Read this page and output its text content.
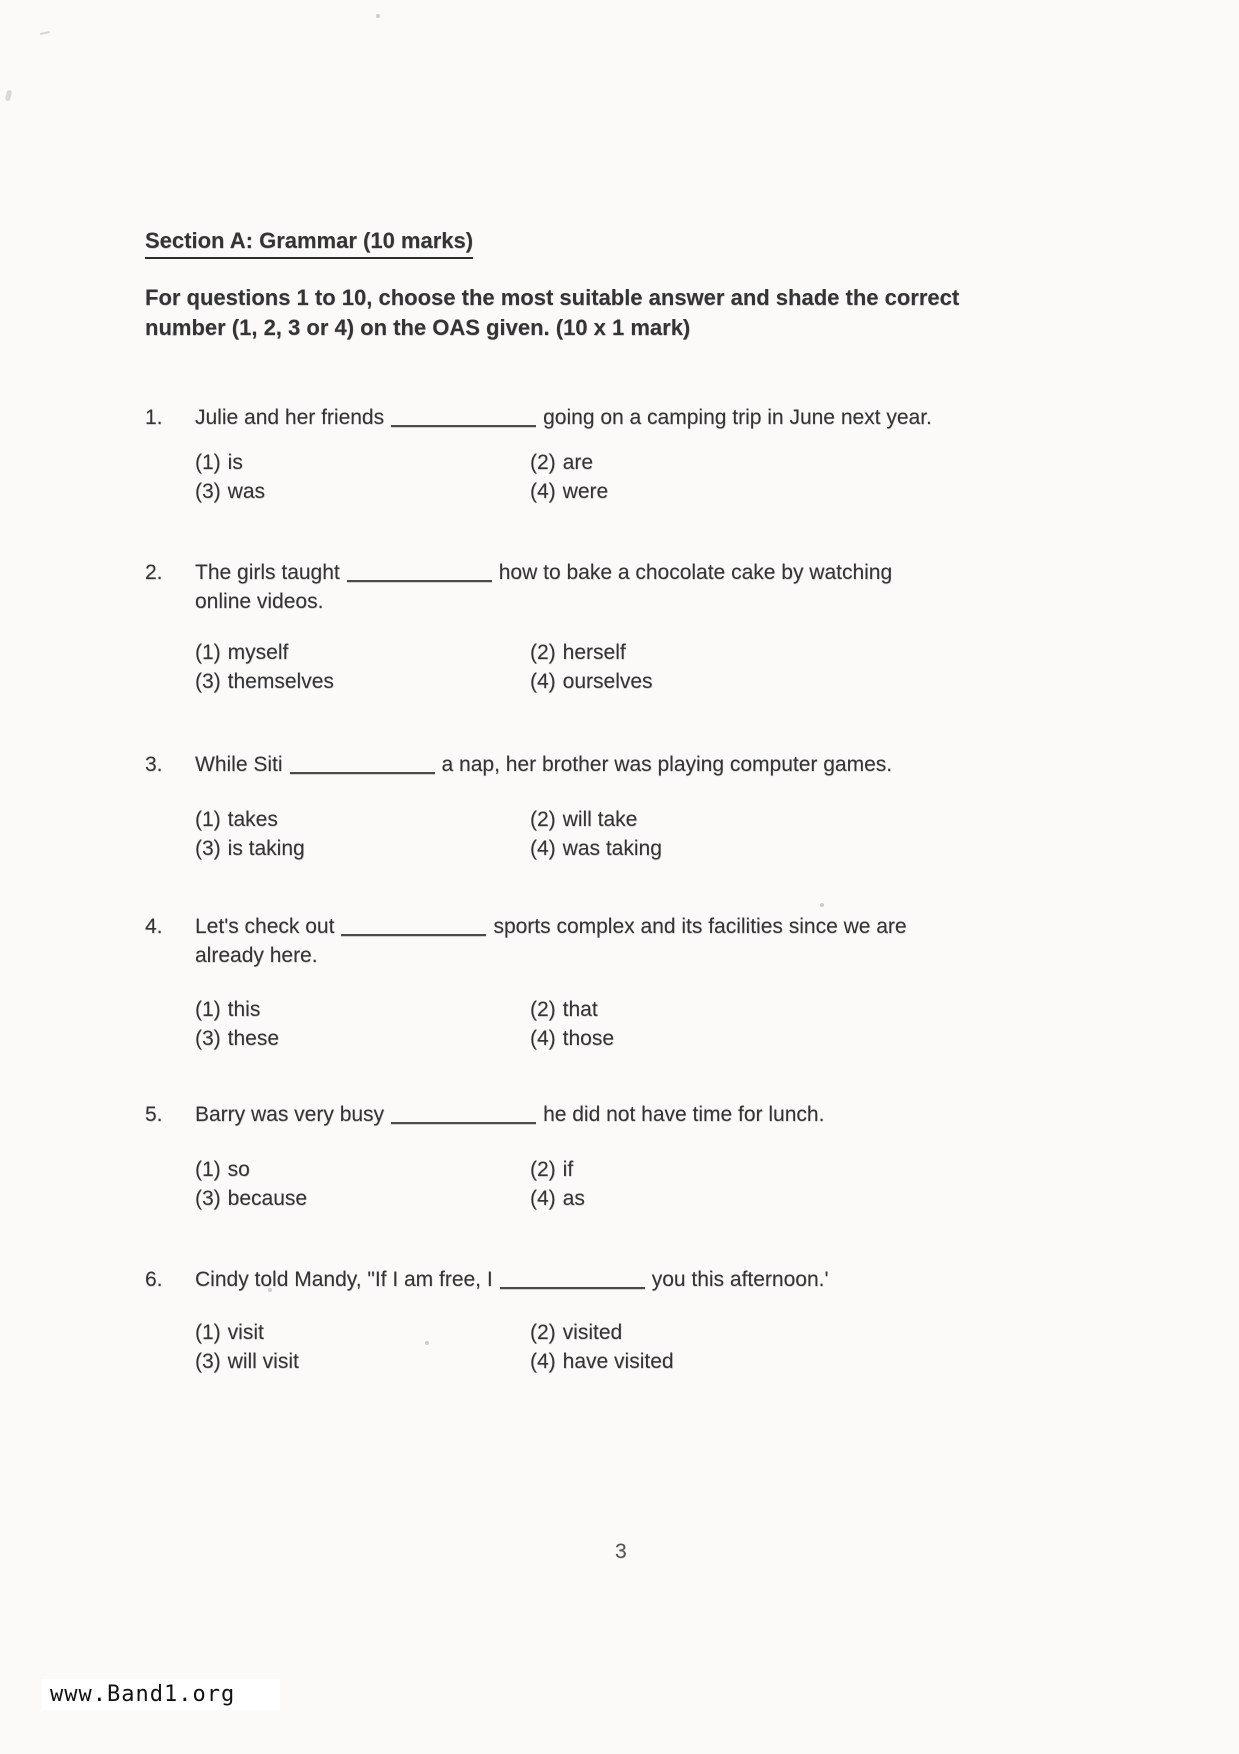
Section A: Grammar (10 marks)
For questions 1 to 10, choose the most suitable answer and shade the correct
number (1, 2, 3 or 4) on the OAS given. (10 x 1 mark)
1. Julie and her friends	going on a camping trip in June next year.
(1) is	(2) are
(3) was	(4) were
2. The girls taught	how to bake a chocolate cake by watching
online videos.
(1) myself	(2) herself
(3) themselves	(4) ourselves
3. While Siti	a nap, her brother was playing computer games.
(1) takes	(2) will take
(3) is taking	(4) was taking
4. Let's check out	sports complex and its facilities since we are
already here.
(1) this	(2) that
(3) these	(4) those
5. Barry was very busy	he did not have time for lunch.
(1) so	(2) if
(3) because	(4) as
6. Cindy told Mandy, "If I am free, I	you this afternoon.'
(1) visit	(2) visited
(3) will visit	(4) have visited
3
www.Band1.org
